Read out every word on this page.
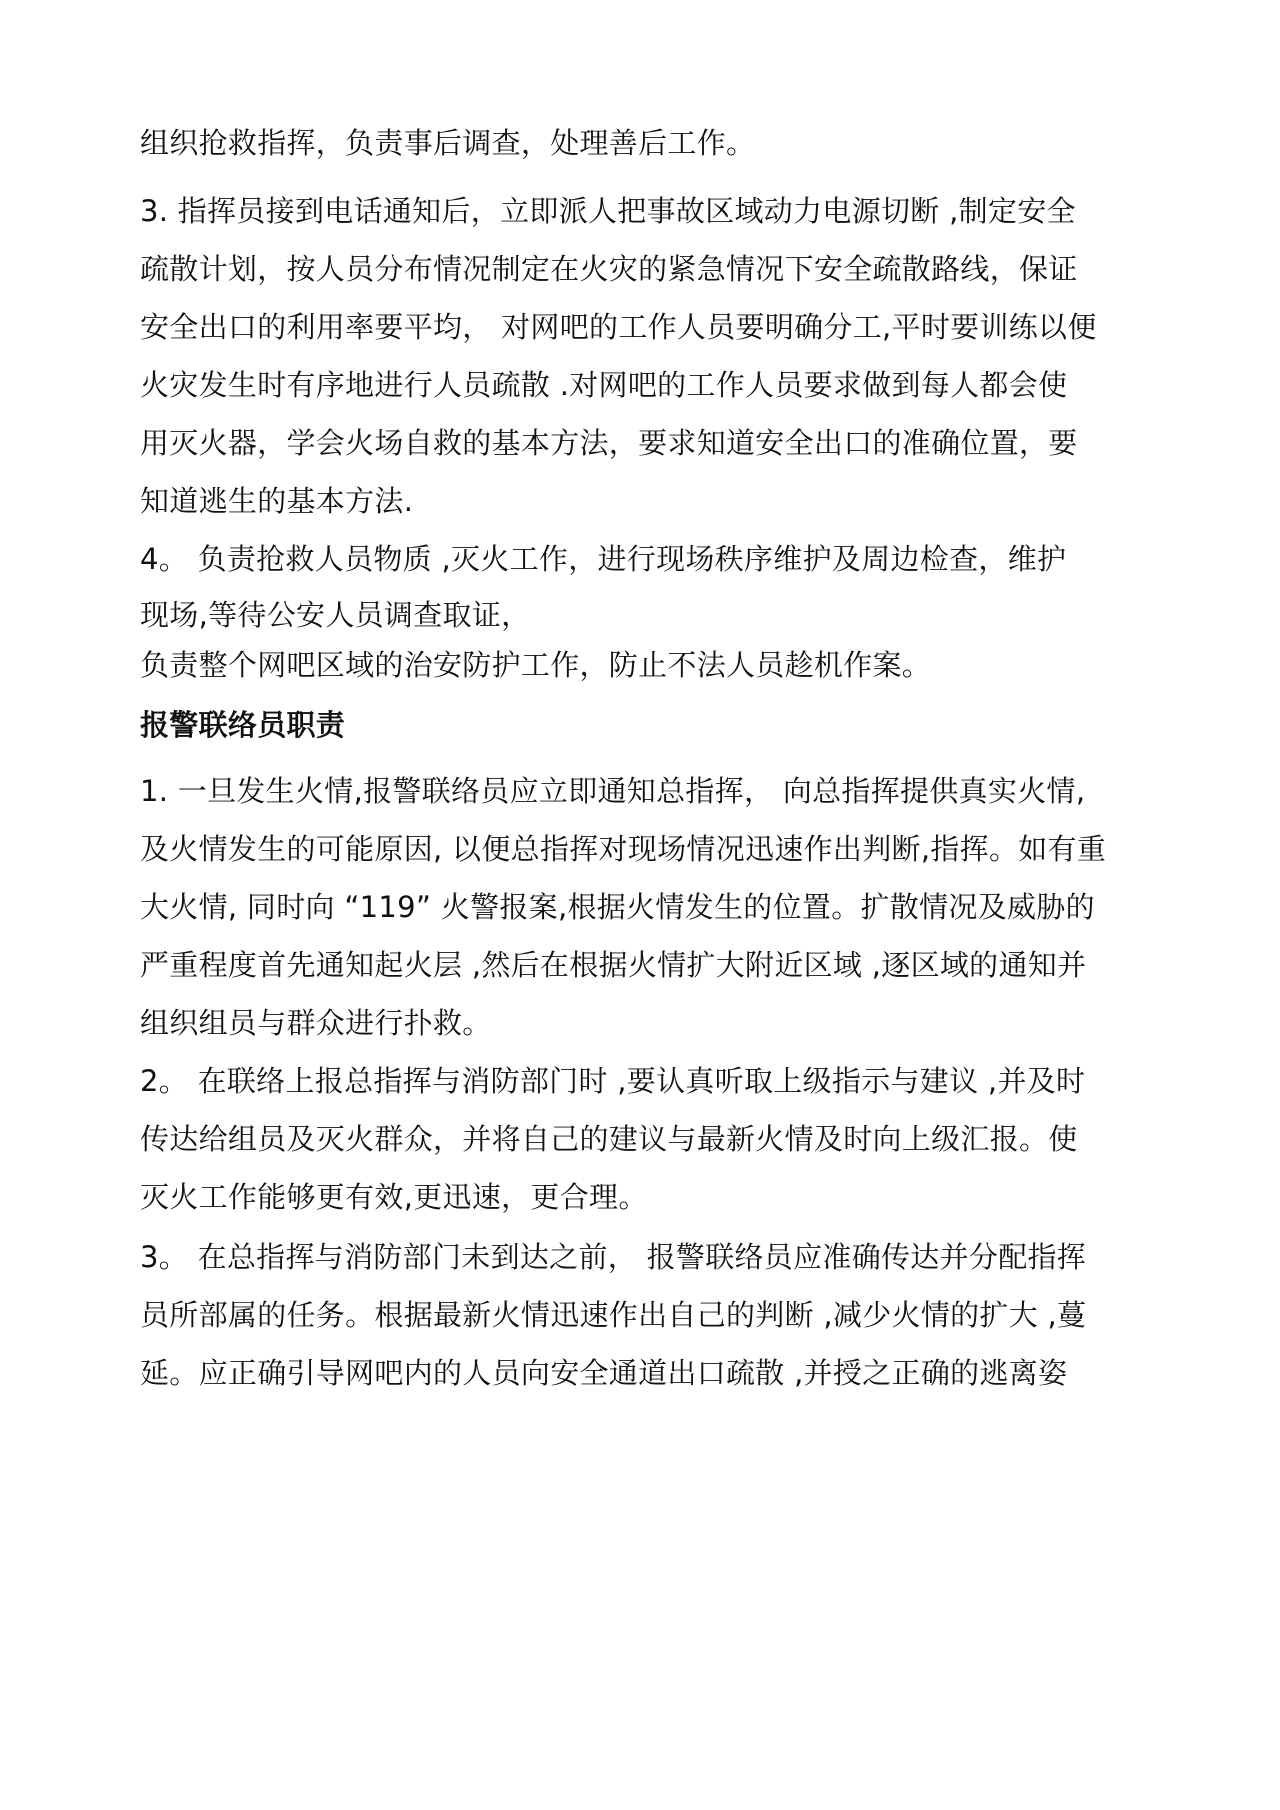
组织抢救指挥，负责事后调查，处理善后工作。
3. 指挥员接到电话通知后，立即派人把事故区域动力电源切断 ,制定安全
疏散计划，按人员分布情况制定在火灾的紧急情况下安全疏散路线，保证
安全出口的利用率要平均， 对网吧的工作人员要明确分工,平时要训练以便
火灾发生时有序地进行人员疏散 .对网吧的工作人员要求做到每人都会使
用灭火器，学会火场自救的基本方法，要求知道安全出口的准确位置，要
知道逃生的基本方法.
4。 负责抢救人员物质 ,灭火工作，进行现场秩序维护及周边检查，维护
现场,等待公安人员调查取证，
负责整个网吧区域的治安防护工作，防止不法人员趁机作案。
报警联络员职责
1. 一旦发生火情,报警联络员应立即通知总指挥， 向总指挥提供真实火情,
及火情发生的可能原因, 以便总指挥对现场情况迅速作出判断,指挥。如有重
大火情, 同时向 “119” 火警报案,根据火情发生的位置。扩散情况及威胁的
严重程度首先通知起火层 ,然后在根据火情扩大附近区域 ,逐区域的通知并
组织组员与群众进行扑救。
2。 在联络上报总指挥与消防部门时 ,要认真听取上级指示与建议 ,并及时
传达给组员及灭火群众，并将自己的建议与最新火情及时向上级汇报。使
灭火工作能够更有效,更迅速，更合理。
3。 在总指挥与消防部门未到达之前， 报警联络员应准确传达并分配指挥
员所部属的任务。根据最新火情迅速作出自己的判断 ,减少火情的扩大 ,蔓
延。应正确引导网吧内的人员向安全通道出口疏散 ,并授之正确的逃离姿
